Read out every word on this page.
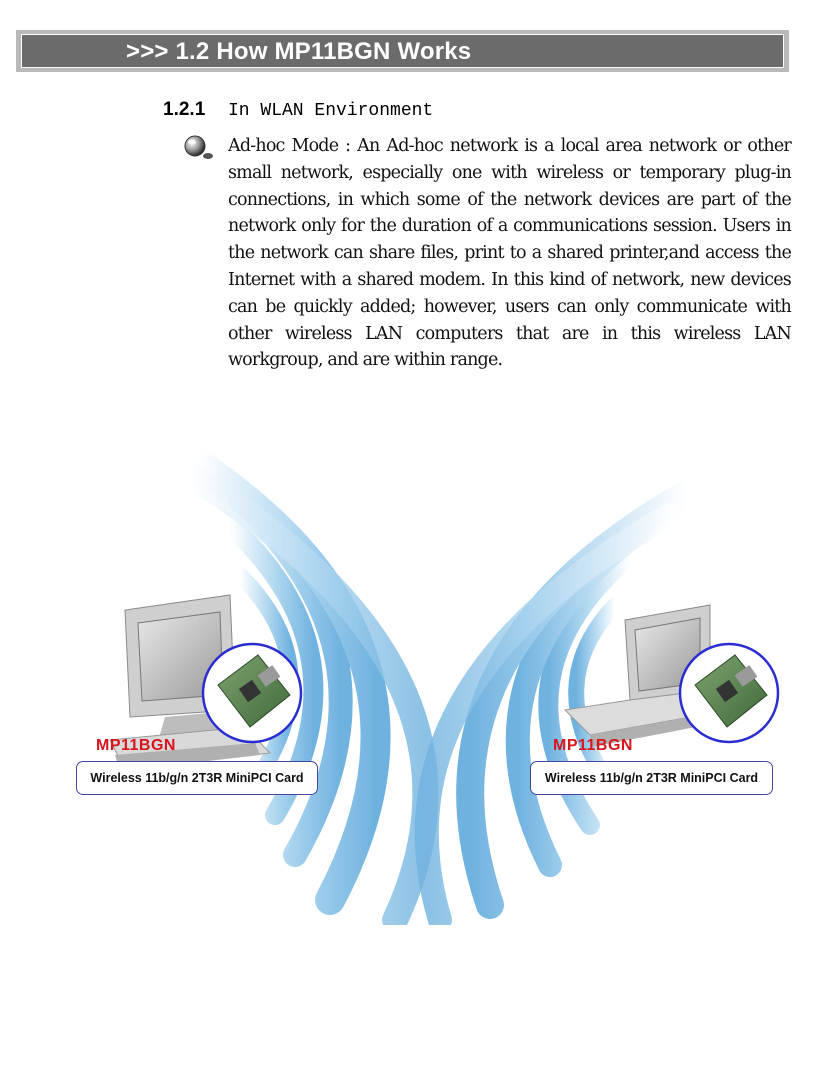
>>> 1.2 How MP11BGN Works
1.2.1 In WLAN Environment

Ad-hoc Mode : An Ad-hoc network is a local area network or other small network, especially one with wireless or temporary plug-in connections, in which some of the network devices are part of the network only for the duration of a communications session. Users in the network can share files, print to a shared printer,and access the Internet with a shared modem. In this kind of network, new devices can be quickly added; however, users can only communicate with other wireless LAN computers that are in this wireless LAN workgroup, and are within range.

MP11BGN
Wireless 11b/g/n 2T3R MiniPCI Card
MP11BGN
Wireless 11b/g/n 2T3R MiniPCI Card
